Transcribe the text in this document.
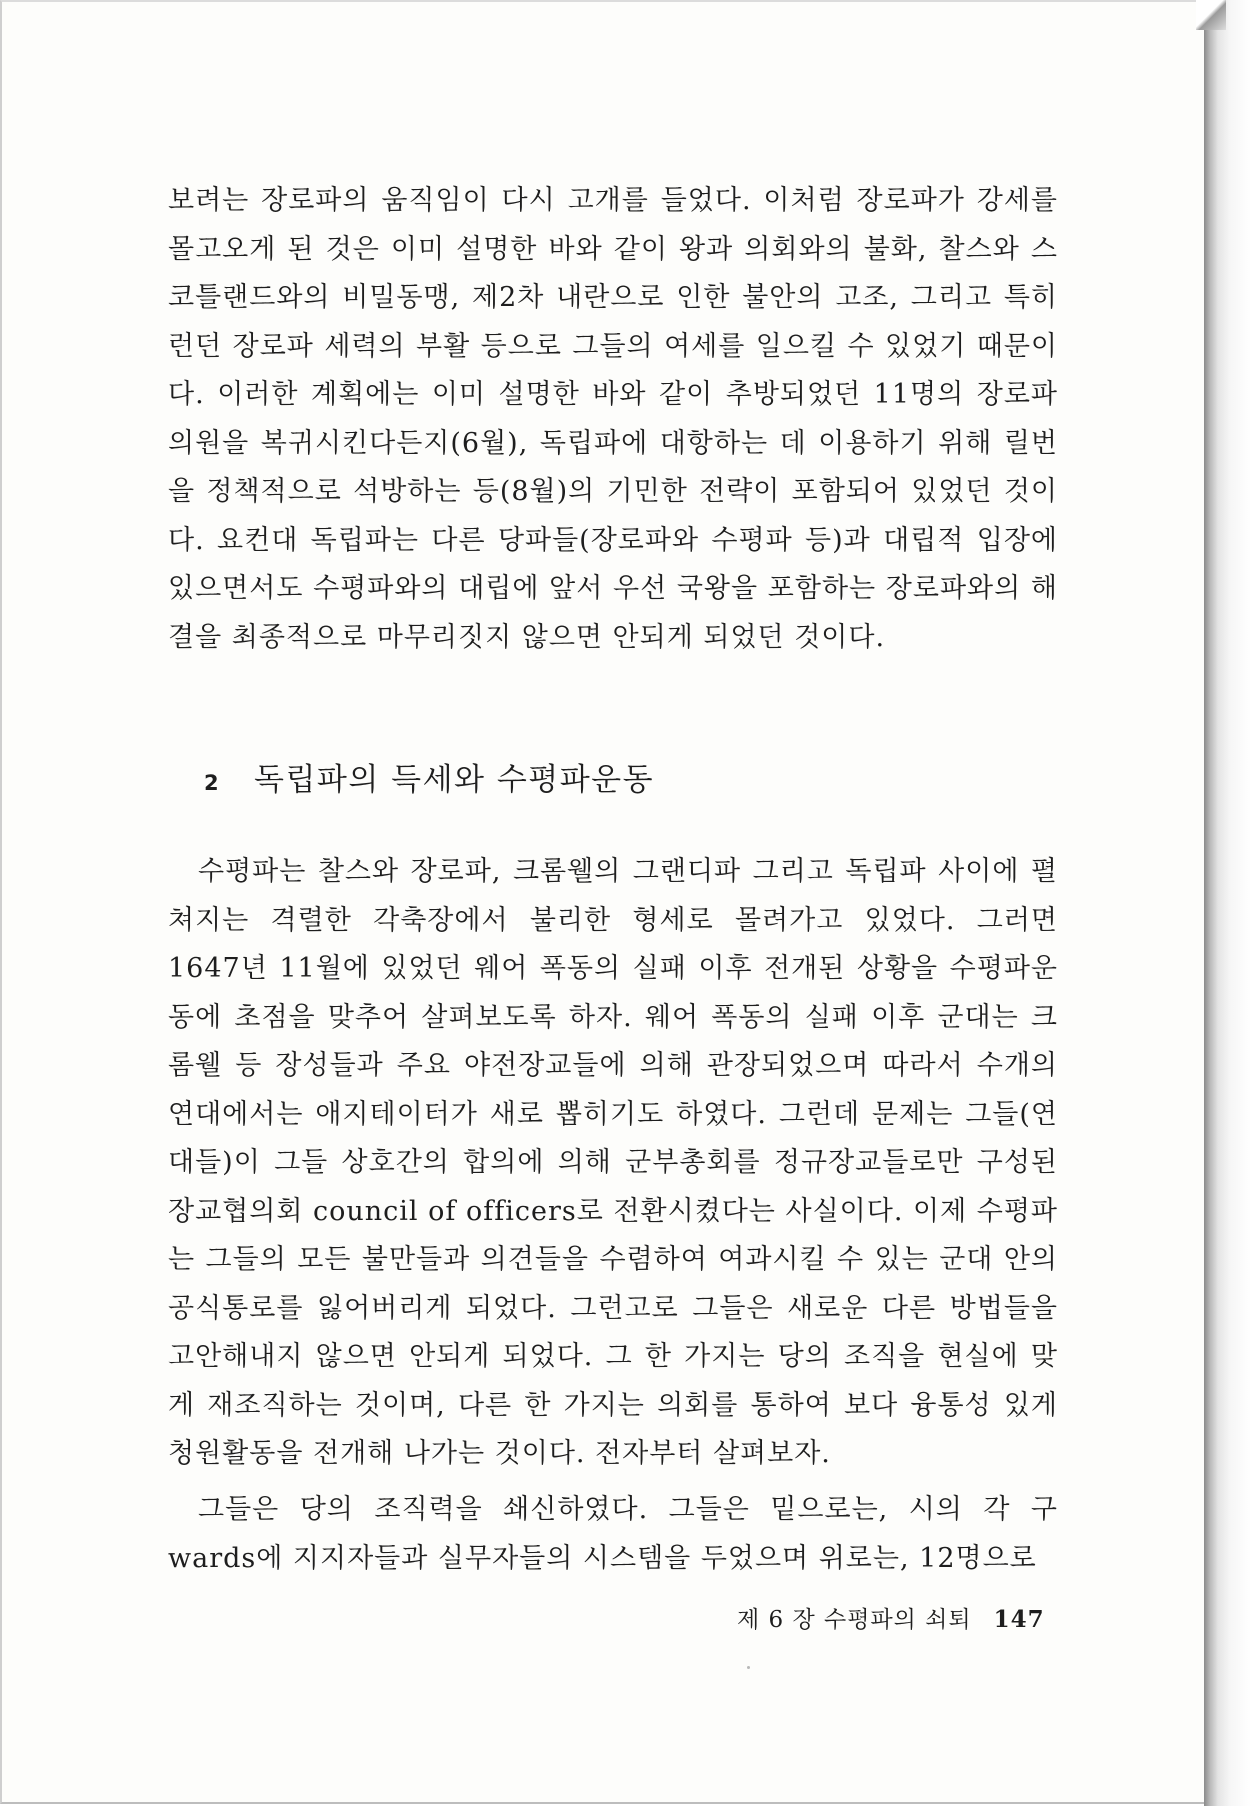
보려는 장로파의 움직임이 다시 고개를 들었다. 이처럼 장로파가 강세를 몰고오게 된 것은 이미 설명한 바와 같이 왕과 의회와의 불화, 찰스와 스코틀랜드와의 비밀동맹, 제2차 내란으로 인한 불안의 고조, 그리고 특히 런던 장로파 세력의 부활 등으로 그들의 여세를 일으킬 수 있었기 때문이다. 이러한 계획에는 이미 설명한 바와 같이 추방되었던 11명의 장로파 의원을 복귀시킨다든지(6월), 독립파에 대항하는 데 이용하기 위해 릴번을 정책적으로 석방하는 등(8월)의 기민한 전략이 포함되어 있었던 것이다. 요컨대 독립파는 다른 당파들(장로파와 수평파 등)과 대립적 입장에 있으면서도 수평파와의 대립에 앞서 우선 국왕을 포함하는 장로파와의 해결을 최종적으로 마무리짓지 않으면 안되게 되었던 것이다.

2 독립파의 득세와 수평파운동

수평파는 찰스와 장로파, 크롬웰의 그랜디파 그리고 독립파 사이에 펼쳐지는 격렬한 각축장에서 불리한 형세로 몰려가고 있었다. 그러면 1647년 11월에 있었던 웨어 폭동의 실패 이후 전개된 상황을 수평파운동에 초점을 맞추어 살펴보도록 하자. 웨어 폭동의 실패 이후 군대는 크롬웰 등 장성들과 주요 야전장교들에 의해 관장되었으며 따라서 수개의 연대에서는 애지테이터가 새로 뽑히기도 하였다. 그런데 문제는 그들(연대들)이 그들 상호간의 합의에 의해 군부총회를 정규장교들로만 구성된 장교협의회 council of officers로 전환시켰다는 사실이다. 이제 수평파는 그들의 모든 불만들과 의견들을 수렴하여 여과시킬 수 있는 군대 안의 공식통로를 잃어버리게 되었다. 그런고로 그들은 새로운 다른 방법들을 고안해내지 않으면 안되게 되었다. 그 한 가지는 당의 조직을 현실에 맞게 재조직하는 것이며, 다른 한 가지는 의회를 통하여 보다 융통성 있게 청원활동을 전개해 나가는 것이다. 전자부터 살펴보자.

그들은 당의 조직력을 쇄신하였다. 그들은 밑으로는, 시의 각 구 wards에 지지자들과 실무자들의 시스템을 두었으며 위로는, 12명으로

제 6 장 수평파의 쇠퇴 147
